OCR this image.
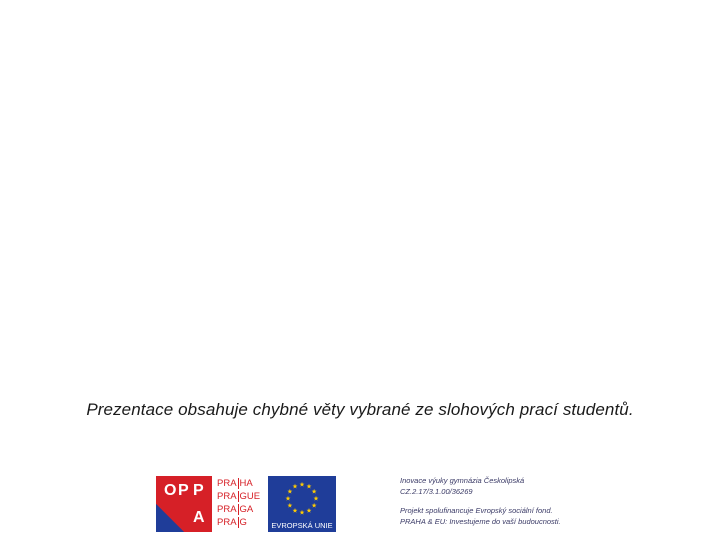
Prezentace obsahuje chybné věty vybrané ze slohových prací studentů.
O P P
A
PRA HA
PRA GUE
PRA GA
PRA G	EVROPSKÁ UNIE
Inovace výuky gymnázia Českolipská
CZ.2.17/3.1.00/36269
Projekt spolufinancuje Evropský sociální fond.
PRAHA & EU: Investujeme do vaší budoucnosti.
